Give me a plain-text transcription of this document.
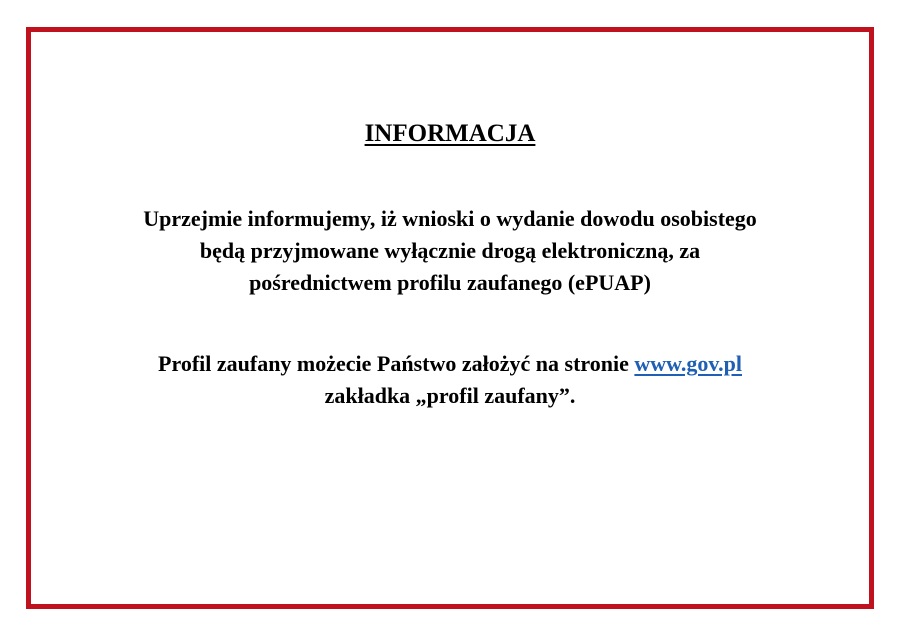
INFORMACJA

Uprzejmie informujemy, iż wnioski o wydanie dowodu osobistego
będą przyjmowane wyłącznie drogą elektroniczną, za
pośrednictwem profilu zaufanego (ePUAP)

Profil zaufany możecie Państwo założyć na stronie www.gov.pl
zakładka „profil zaufany”.
